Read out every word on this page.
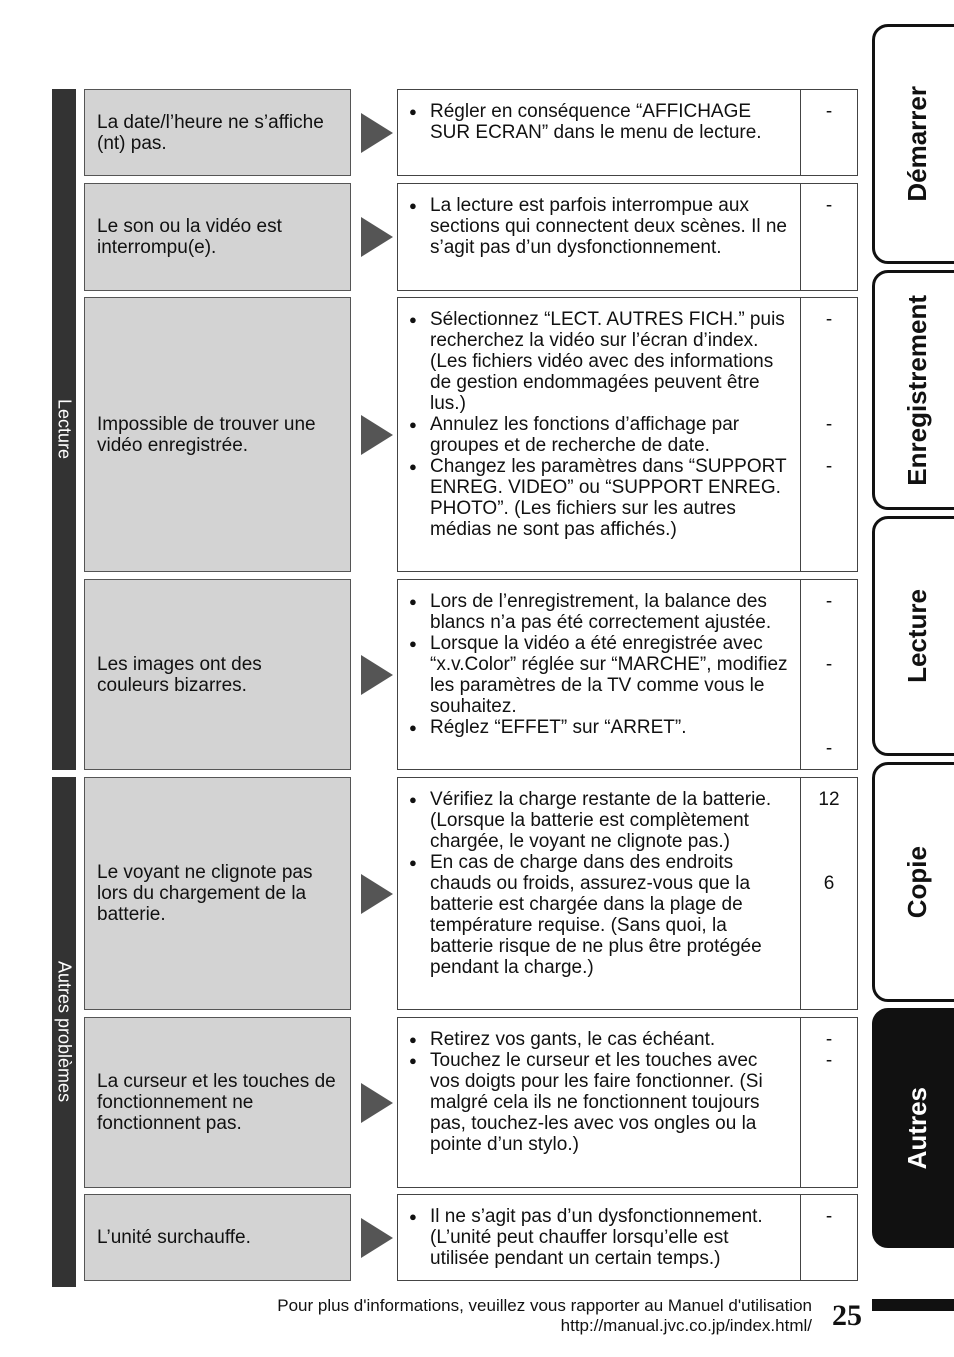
Lecture
Autres problèmes
La date/l’heure ne s’affiche (nt) pas.
● Régler en conséquence “AFFICHAGE SUR ECRAN” dans le menu de lecture.
-
Le son ou la vidéo est interrompu(e).
● La lecture est parfois interrompue aux sections qui connectent deux scènes. Il ne s’agit pas d’un dysfonctionnement.
-
Impossible de trouver une vidéo enregistrée.
● Sélectionnez “LECT. AUTRES FICH.” puis recherchez la vidéo sur l’écran d’index. (Les fichiers vidéo avec des informations de gestion endommagées peuvent être lus.)
● Annulez les fonctions d’affichage par groupes et de recherche de date.
● Changez les paramètres dans “SUPPORT ENREG. VIDEO” ou “SUPPORT ENREG. PHOTO”. (Les fichiers sur les autres médias ne sont pas affichés.)
-
-
-
Les images ont des couleurs bizarres.
● Lors de l’enregistrement, la balance des blancs n’a pas été correctement ajustée.
● Lorsque la vidéo a été enregistrée avec “x.v.Color” réglée sur “MARCHE”, modifiez les paramètres de la TV comme vous le souhaitez.
● Réglez “EFFET” sur “ARRET”.
-
-
-
Le voyant ne clignote pas lors du chargement de la batterie.
● Vérifiez la charge restante de la batterie. (Lorsque la batterie est complètement chargée, le voyant ne clignote pas.)
● En cas de charge dans des endroits chauds ou froids, assurez-vous que la batterie est chargée dans la plage de température requise. (Sans quoi, la batterie risque de ne plus être protégée pendant la charge.)
12
6
La curseur et les touches de fonctionnement ne fonctionnent pas.
● Retirez vos gants, le cas échéant.
● Touchez le curseur et les touches avec vos doigts pour les faire fonctionner. (Si malgré cela ils ne fonctionnent toujours pas, touchez-les avec vos ongles ou la pointe d’un stylo.)
-
-
L’unité surchauffe.
● Il ne s’agit pas d’un dysfonctionnement. (L’unité peut chauffer lorsqu’elle est utilisée pendant un certain temps.)
-
Démarrer
Enregistrement
Lecture
Copie
Autres
Pour plus d'informations, veuillez vous rapporter au Manuel d'utilisation
http://manual.jvc.co.jp/index.html/ 25
